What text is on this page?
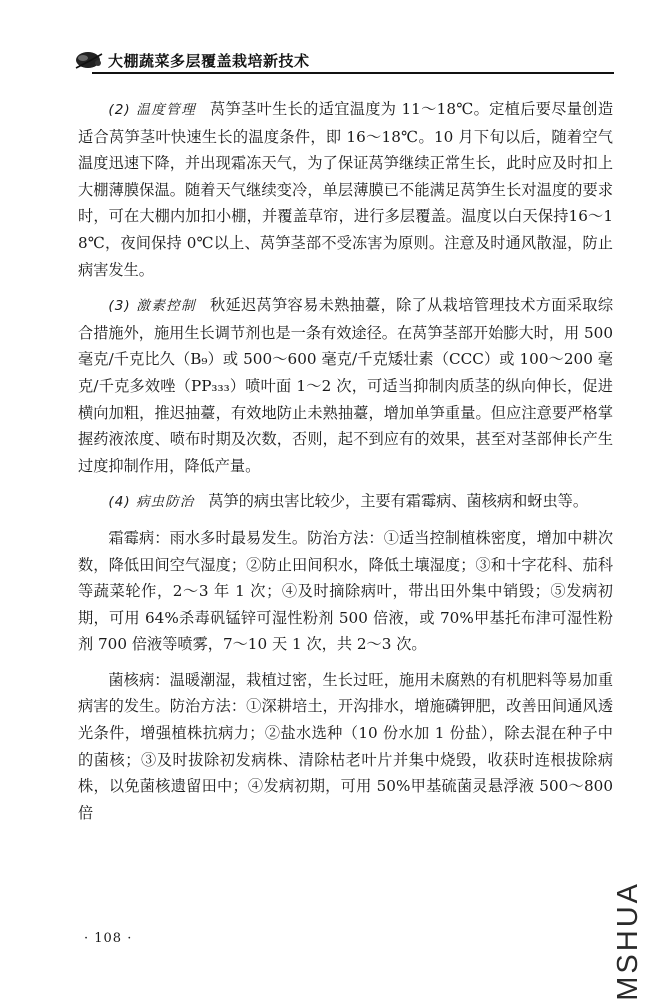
大棚蔬菜多层覆盖栽培新技术

(2) 温度管理 莴笋茎叶生长的适宜温度为 11～18℃。定植后要尽量创造适合莴笋茎叶快速生长的温度条件，即 16～18℃。10 月下旬以后，随着空气温度迅速下降，并出现霜冻天气，为了保证莴笋继续正常生长，此时应及时扣上大棚薄膜保温。随着天气继续变冷，单层薄膜已不能满足莴笋生长对温度的要求时，可在大棚内加扣小棚，并覆盖草帘，进行多层覆盖。温度以白天保持16～18℃，夜间保持 0℃以上、莴笋茎部不受冻害为原则。注意及时通风散湿，防止病害发生。

(3) 激素控制 秋延迟莴笋容易未熟抽薹，除了从栽培管理技术方面采取综合措施外，施用生长调节剂也是一条有效途径。在莴笋茎部开始膨大时，用 500 毫克/千克比久（B₉）或 500～600 毫克/千克矮壮素（CCC）或 100～200 毫克/千克多效唑（PP₃₃₃）喷叶面 1～2 次，可适当抑制肉质茎的纵向伸长，促进横向加粗，推迟抽薹，有效地防止未熟抽薹，增加单笋重量。但应注意要严格掌握药液浓度、喷布时期及次数，否则，起不到应有的效果，甚至对茎部伸长产生过度抑制作用，降低产量。

(4) 病虫防治 莴笋的病虫害比较少，主要有霜霉病、菌核病和蚜虫等。

霜霉病：雨水多时最易发生。防治方法：①适当控制植株密度，增加中耕次数，降低田间空气湿度；②防止田间积水，降低土壤湿度；③和十字花科、茄科等蔬菜轮作，2～3 年 1 次；④及时摘除病叶，带出田外集中销毁；⑤发病初期，可用 64%杀毒矾锰锌可湿性粉剂 500 倍液，或 70%甲基托布津可湿性粉剂 700 倍液等喷雾，7～10 天 1 次，共 2～3 次。

菌核病：温暖潮湿，栽植过密，生长过旺，施用未腐熟的有机肥料等易加重病害的发生。防治方法：①深耕培土，开沟排水，增施磷钾肥，改善田间通风透光条件，增强植株抗病力；②盐水选种（10 份水加 1 份盐），除去混在种子中的菌核；③及时拔除初发病株、清除枯老叶片并集中烧毁，收获时连根拔除病株，以免菌核遗留田中；④发病初期，可用 50%甲基硫菌灵悬浮液 500～800 倍

· 108 ·	MSHUA
